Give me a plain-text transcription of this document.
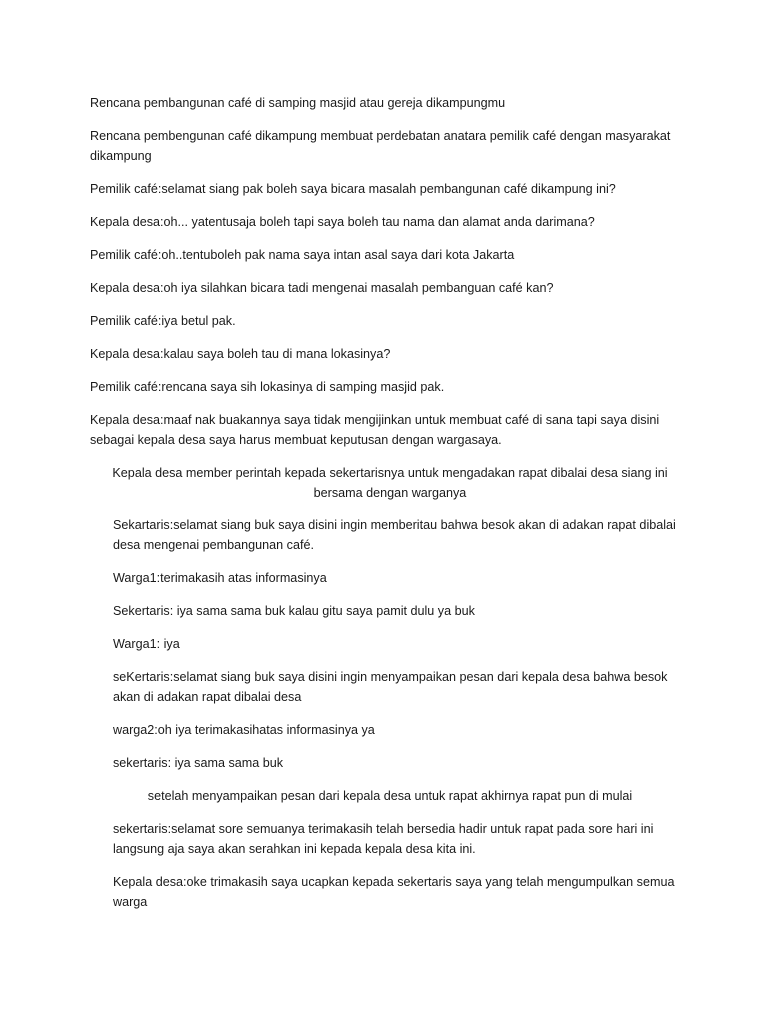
Rencana pembangunan café di samping masjid atau gereja dikampungmu

Rencana pembengunan café dikampung membuat perdebatan anatara pemilik café dengan masyarakat
dikampung

Pemilik café:selamat siang pak boleh saya bicara masalah pembangunan café dikampung ini?

Kepala desa:oh... yatentusaja boleh tapi saya boleh tau nama dan alamat anda darimana?

Pemilik café:oh..tentuboleh pak nama saya intan asal saya dari kota Jakarta

Kepala desa:oh iya silahkan bicara tadi mengenai masalah pembanguan café kan?

Pemilik café:iya betul pak.

Kepala desa:kalau saya boleh tau di mana lokasinya?

Pemilik café:rencana saya sih lokasinya di samping masjid pak.

Kepala desa:maaf nak buakannya saya tidak mengijinkan untuk membuat café di sana tapi saya disini
sebagai kepala desa saya harus membuat keputusan dengan wargasaya.

Kepala desa member perintah kepada sekertarisnya untuk mengadakan rapat dibalai desa siang ini
bersama dengan warganya

Sekartaris:selamat siang buk saya disini ingin memberitau bahwa besok akan di adakan rapat dibalai
desa mengenai pembangunan café.

Warga1:terimakasih atas informasinya

Sekertaris: iya sama sama buk kalau gitu saya pamit dulu ya buk

Warga1: iya

seKertaris:selamat siang buk saya disini ingin menyampaikan pesan dari kepala desa bahwa besok
akan di adakan rapat dibalai desa

warga2:oh iya terimakasihatas informasinya ya

sekertaris: iya sama sama buk

setelah menyampaikan pesan dari kepala desa untuk rapat akhirnya rapat pun di mulai

sekertaris:selamat sore semuanya terimakasih telah bersedia hadir untuk rapat pada sore hari ini
langsung aja saya akan serahkan ini kepada kepala desa kita ini.

Kepala desa:oke trimakasih saya ucapkan kepada sekertaris saya yang telah mengumpulkan semua
warga
